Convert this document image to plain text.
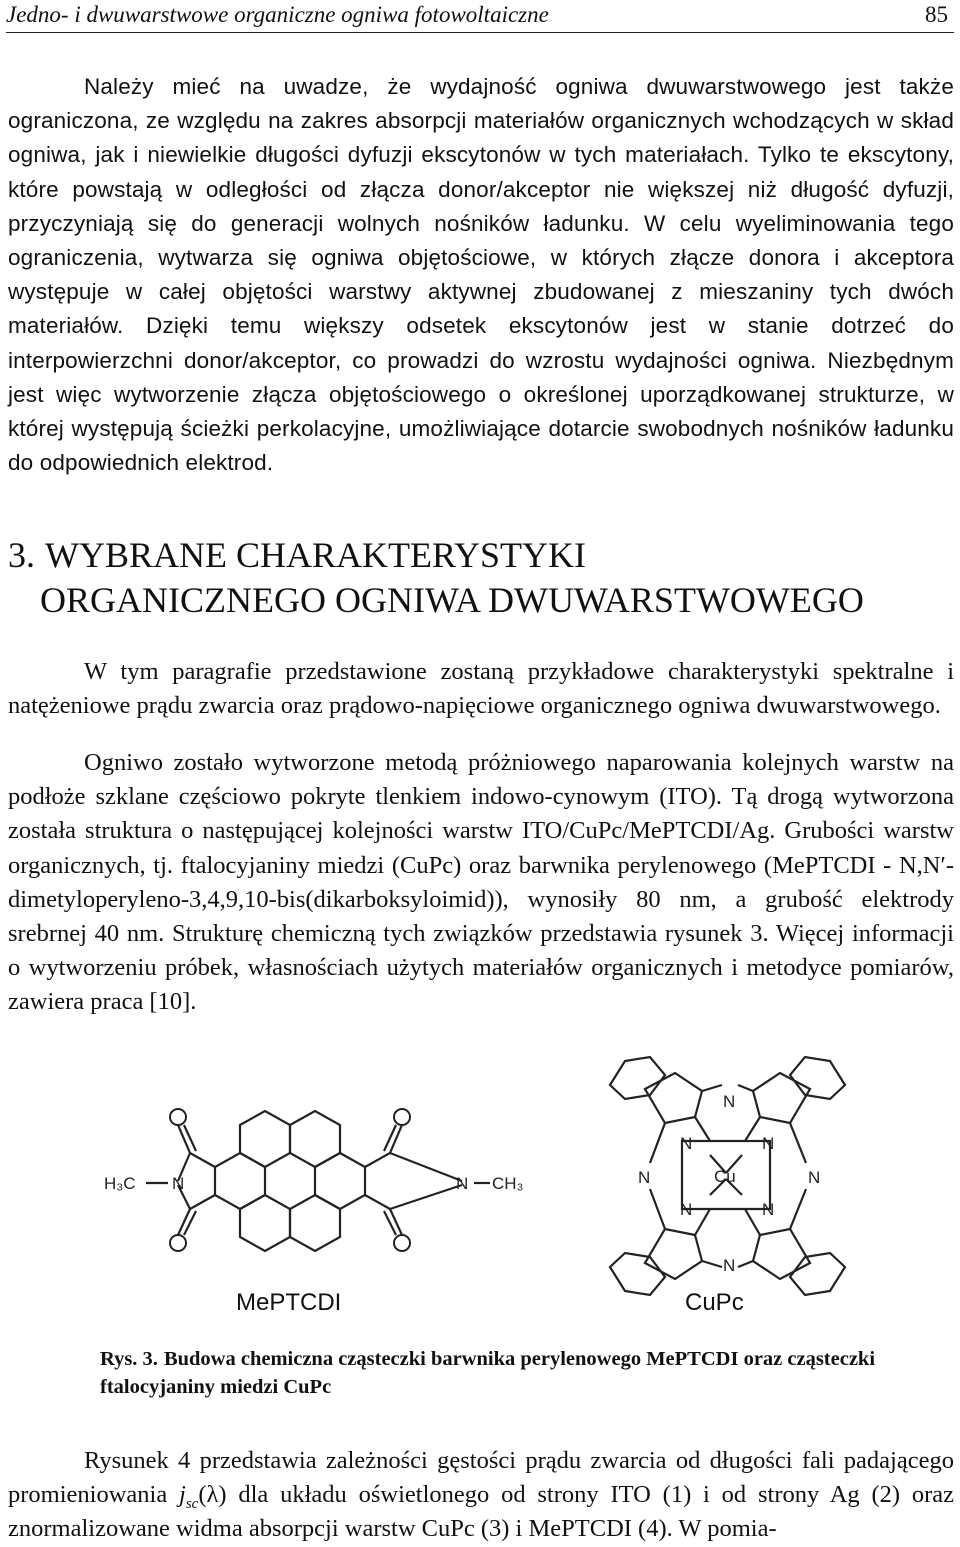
Jedno- i dwuwarstwowe organiczne ogniwa fotowoltaiczne	85

Należy mieć na uwadze, że wydajność ogniwa dwuwarstwowego jest także ograniczona, ze względu na zakres absorpcji materiałów organicznych wchodzących w skład ogniwa, jak i niewielkie długości dyfuzji ekscytonów w tych materiałach. Tylko te ekscytony, które powstają w odległości od złącza donor/akceptor nie większej niż długość dyfuzji, przyczyniają się do generacji wolnych nośników ładunku. W celu wyeliminowania tego ograniczenia, wytwarza się ogniwa objętościowe, w których złącze donora i akceptora występuje w całej objętości warstwy aktywnej zbudowanej z mieszaniny tych dwóch materiałów. Dzięki temu większy odsetek ekscytonów jest w stanie dotrzeć do interpowierzchni donor/akceptor, co prowadzi do wzrostu wydajności ogniwa. Niezbędnym jest więc wytworzenie złącza objętościowego o określonej uporządkowanej strukturze, w której występują ścieżki perkolacyjne, umożliwiające dotarcie swobodnych nośników ładunku do odpowiednich elektrod.

3. WYBRANE CHARAKTERYSTYKI
ORGANICZNEGO OGNIWA DWUWARSTWOWEGO

W tym paragrafie przedstawione zostaną przykładowe charakterystyki spektralne i natężeniowe prądu zwarcia oraz prądowo-napięciowe organicznego ogniwa dwuwarstwowego.

Ogniwo zostało wytworzone metodą próżniowego naparowania kolejnych warstw na podłoże szklane częściowo pokryte tlenkiem indowo-cynowym (ITO). Tą drogą wytworzona została struktura o następującej kolejności warstw ITO/CuPc/MePTCDI/Ag. Grubości warstw organicznych, tj. ftalocyjaniny miedzi (CuPc) oraz barwnika perylenowego (MePTCDI - N,N′-dimetyloperyleno-3,4,9,10-bis(dikarboksyloimid)), wynosiły 80 nm, a grubość elektrody srebrnej 40 nm. Strukturę chemiczną tych związków przedstawia rysunek 3. Więcej informacji o wytworzeniu próbek, własnościach użytych materiałów organicznych i metodyce pomiarów, zawiera praca [10].

N	N
H₃C	CH₃
N
N
N	N
N	N
N	N
Cu
MePTCDI	CuPc

Rys. 3. Budowa chemiczna cząsteczki barwnika perylenowego MePTCDI oraz cząsteczki ftalocyjaniny miedzi CuPc

Rysunek 4 przedstawia zależności gęstości prądu zwarcia od długości fali padającego promieniowania $j_{sc}(\lambda)$ dla układu oświetlonego od strony ITO (1) i od strony Ag (2) oraz znormalizowane widma absorpcji warstw CuPc (3) i MePTCDI (4). W pomia-
